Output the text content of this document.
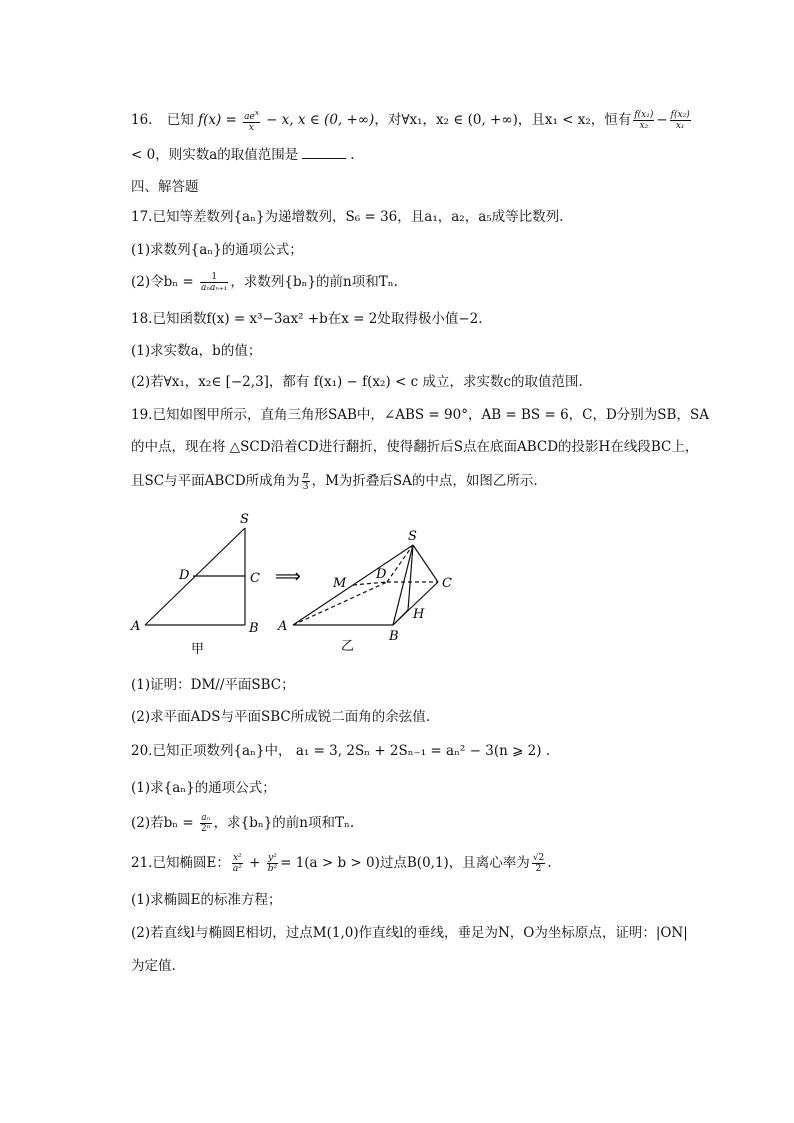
16. 已知 $f(x) = \frac{ae^x}{x} - x$, x ∈ (0, +∞)，对∀x₁，x₂ ∈ (0, +∞)，且x₁ < x₂，恒有 $\frac{\text{f(x₁)}}{\text{x₂}} - \frac{\text{f(x₂)}}{\text{x₁}}$
< 0，则实数a的取值范围是	.
四、解答题
17.已知等差数列{aₙ}为递增数列，S₆ = 36，且a₁，a₂，a₅成等比数列.
(1)求数列{aₙ}的通项公式；
(2)令$b_n = \frac{1}{\text{aₙaₙ₊₁}}$ ，求数列{bₙ}的前n项和Tₙ.
18.已知函数f(x) = x³−3ax² +b在x = 2处取得极小值−2.
(1)求实数a，b的值；
(2)若∀x₁，x₂∈ [−2,3]，都有 f(x₁) − f(x₂) < c 成立，求实数c的取值范围.
19.已知如图甲所示，直角三角形SAB中，∠ABS = 90°，AB = BS = 6，C，D分别为SB，SA
的中点，现在将 △SCD沿着CD进行翻折，使得翻折后S点在底面ABCD的投影H在线段BC上，
且SC与平面ABCD所成角为 $\frac{\pi}{3}$ ，M为折叠后SA的中点，如图乙所示.
S
D	C
A	B
甲
⟹
S
M
D
C
H
A
B
乙
(1)证明：DM//平面SBC；
(2)求平面ADS与平面SBC所成锐二面角的余弦值.
20.已知正项数列{aₙ}中， a₁ = 3, 2Sₙ + 2Sₙ₋₁ = aₙ² − 3(n ⩾ 2) .
(1)求{aₙ}的通项公式；
(2)若$b_n = \frac{\text{aₙ}}{\text{2ⁿ}}$ ，求{bₙ}的前n项和Tₙ.
21.已知椭圆E： $\frac{\text{x²}}{\text{a²}} + \frac{\text{y²}}{\text{b²}} = 1(a > b > 0)$过点B(0,1)，且离心率为 $\frac{√2}{2}$ .
(1)求椭圆E的标准方程；
(2)若直线l与椭圆E相切，过点M(1,0)作直线l的垂线，垂足为N，O为坐标原点，证明：|ON|
为定值.
